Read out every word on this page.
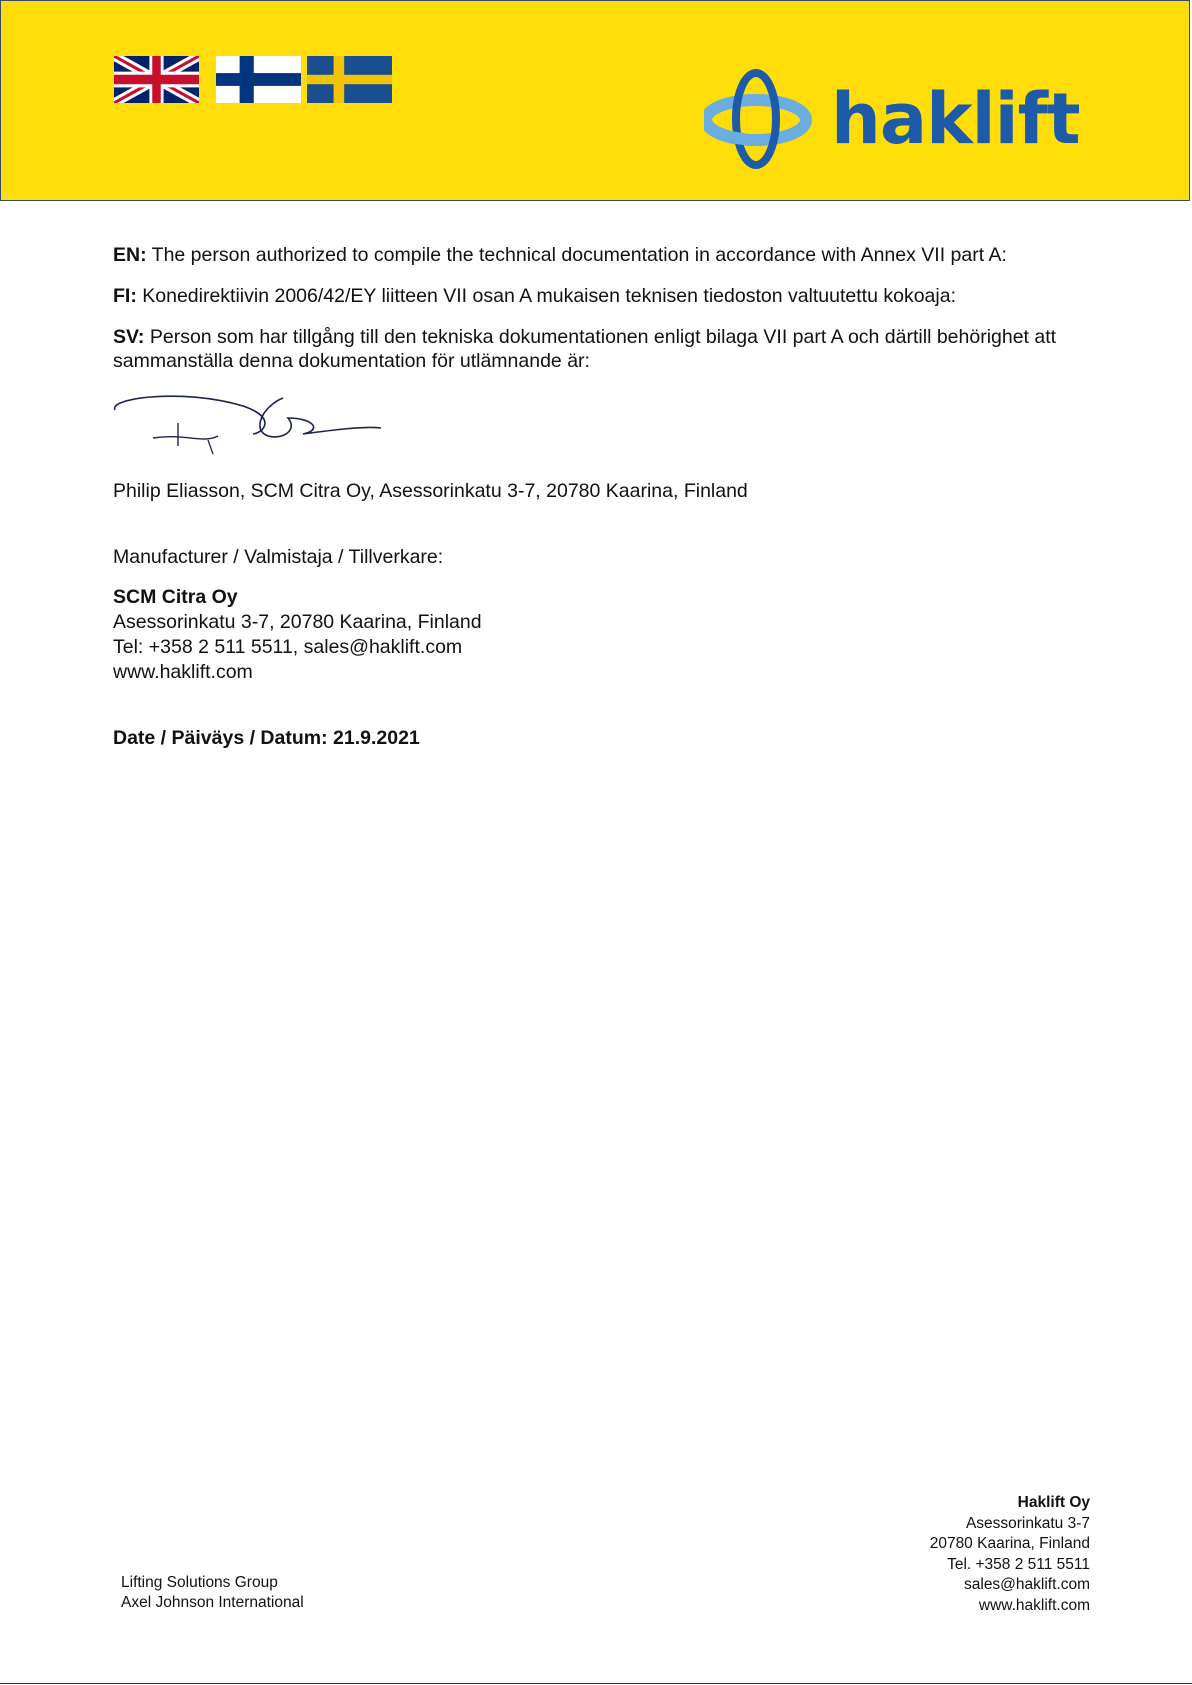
haklift
EN: The person authorized to compile the technical documentation in accordance with Annex VII part A:
FI: Konedirektiivin 2006/42/EY liitteen VII osan A mukaisen teknisen tiedoston valtuutettu kokoaja:
SV: Person som har tillgång till den tekniska dokumentationen enligt bilaga VII part A och därtill behörighet att sammanställa denna dokumentation för utlämnande är:
Philip Eliasson, SCM Citra Oy, Asessorinkatu 3-7, 20780 Kaarina, Finland
Manufacturer / Valmistaja / Tillverkare:
SCM Citra Oy
Asessorinkatu 3-7, 20780 Kaarina, Finland
Tel: +358 2 511 5511, sales@haklift.com
www.haklift.com
Date / Päiväys / Datum: 21.9.2021
Lifting Solutions Group
Axel Johnson International
Haklift Oy
Asessorinkatu 3-7
20780 Kaarina, Finland
Tel. +358 2 511 5511
sales@haklift.com
www.haklift.com
